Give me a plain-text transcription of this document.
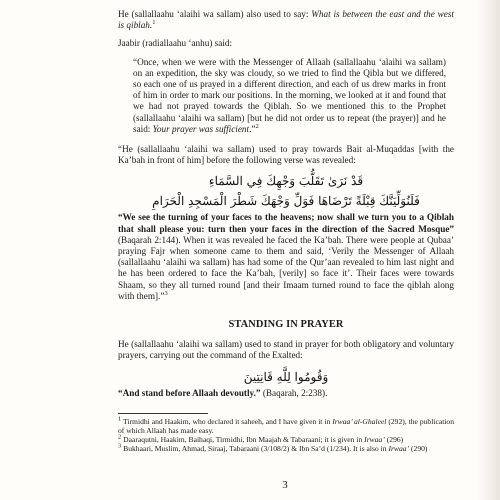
He (sallallaahu ‘alaihi wa sallam) also used to say: What is between the east and the west is qiblah.$^1$

Jaabir (radiallaahu ‘anhu) said:

“Once, when we were with the Messenger of Allaah (sallallaahu ‘alaihi wa sallam) on an expedition, the sky was cloudy, so we tried to find the Qibla but we differed, so each one of us prayed in a different direction, and each of us drew marks in front of him in order to mark our positions. In the morning, we looked at it and found that we had not prayed towards the Qiblah. So we mentioned this to the Prophet (sallallaahu ‘alaihi wa sallam) [but he did not order us to repeat (the prayer)] and he said: Your prayer was sufficient.”$^2$

“He (sallallaahu ‘alaihi wa sallam) used to pray towards Bait al-Muqaddas [with the Ka’bah in front of him] before the following verse was revealed:

قَدْ نَرَىٰ تَقَلُّبَ وَجْهِكَ فِي السَّمَاءِ
فَلَنُوَلِّيَنَّكَ قِبْلَةً تَرْضَاهَا فَوَلِّ وَجْهَكَ شَطْرَ الْمَسْجِدِ الْحَرَامِ

“We see the turning of your faces to the heavens; now shall we turn you to a Qiblah that shall please you: turn then your faces in the direction of the Sacred Mosque” (Baqarah 2:144). When it was revealed he faced the Ka’bah. There were people at Qubaa’ praying Fajr when someone came to them and said, ‘Verily the Messenger of Allaah (sallallaahu ‘alaihi wa sallam) has had some of the Qur’aan revealed to him last night and he has been ordered to face the Ka’bah, [verily] so face it’. Their faces were towards Shaam, so they all turned round [and their Imaam turned round to face the qiblah along with them].”$^3$

STANDING IN PRAYER

He (sallallaahu ‘alaihi wa sallam) used to stand in prayer for both obligatory and voluntary prayers, carrying out the command of the Exalted:

وَقُومُوا لِلَّهِ قَانِتِينَ

“And stand before Allaah devoutly.” (Baqarah, 2:238).

1 Tirmidhi and Haakim, who declared it saheeh, and I have given it in Irwaa’ al-Ghaleel (292), the publication of which Allaah has made easy.

2 Daaraqutni, Haakim, Baihaqi, Tirmidhi, Ibn Maajah & Tabaraani; it is given in Irwaa’ (296)

3 Bukhaari, Muslim, Ahmad, Siraaj, Tabaraani (3/108/2) & Ibn Sa’d (1/234). It is also in Irwaa’ (290)

3
